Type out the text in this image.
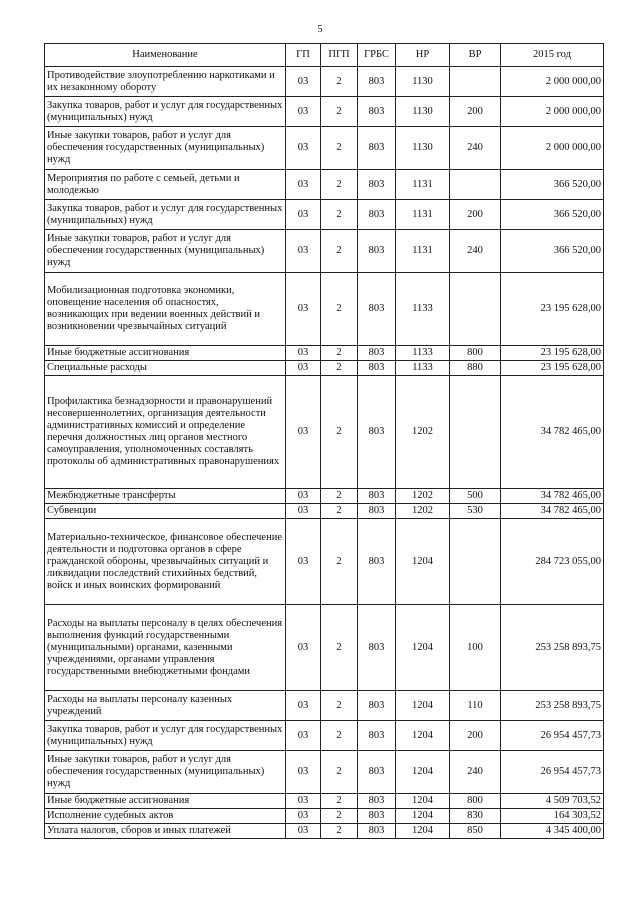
5
Наименование	ГП	ПГП	ГРБС	НР	ВР	2015 год
Противодействие злоупотреблению наркотиками и их незаконному обороту	03	2	803	1130		2 000 000,00
Закупка товаров, работ и услуг для государственных (муниципальных) нужд	03	2	803	1130	200	2 000 000,00
Иные закупки товаров, работ и услуг для обеспечения государственных (муниципальных) нужд	03	2	803	1130	240	2 000 000,00
Мероприятия по работе с семьей, детьми и молодежью	03	2	803	1131		366 520,00
Закупка товаров, работ и услуг для государственных (муниципальных) нужд	03	2	803	1131	200	366 520,00
Иные закупки товаров, работ и услуг для обеспечения государственных (муниципальных) нужд	03	2	803	1131	240	366 520,00
Мобилизационная подготовка экономики, оповещение населения об опасностях, возникающих при ведении военных действий и возникновении чрезвычайных ситуаций	03	2	803	1133		23 195 628,00
Иные бюджетные ассигнования	03	2	803	1133	800	23 195 628,00
Специальные расходы	03	2	803	1133	880	23 195 628,00
Профилактика безнадзорности и правонарушений несовершеннолетних, организация деятельности административных комиссий и определение перечня должностных лиц органов местного самоуправления, уполномоченных составлять протоколы об административных правонарушениях	03	2	803	1202		34 782 465,00
Межбюджетные трансферты	03	2	803	1202	500	34 782 465,00
Субвенции	03	2	803	1202	530	34 782 465,00
Материально-техническое, финансовое обеспечение деятельности и подготовка органов в сфере гражданской обороны, чрезвычайных ситуаций и ликвидации последствий стихийных бедствий, войск и иных воинских формирований	03	2	803	1204		284 723 055,00
Расходы на выплаты персоналу в целях обеспечения выполнения функций государственными (муниципальными) органами, казенными учреждениями, органами управления государственными внебюджетными фондами	03	2	803	1204	100	253 258 893,75
Расходы на выплаты персоналу казенных учреждений	03	2	803	1204	110	253 258 893,75
Закупка товаров, работ и услуг для государственных (муниципальных) нужд	03	2	803	1204	200	26 954 457,73
Иные закупки товаров, работ и услуг для обеспечения государственных (муниципальных) нужд	03	2	803	1204	240	26 954 457,73
Иные бюджетные ассигнования	03	2	803	1204	800	4 509 703,52
Исполнение судебных актов	03	2	803	1204	830	164 303,52
Уплата налогов, сборов и иных платежей	03	2	803	1204	850	4 345 400,00
